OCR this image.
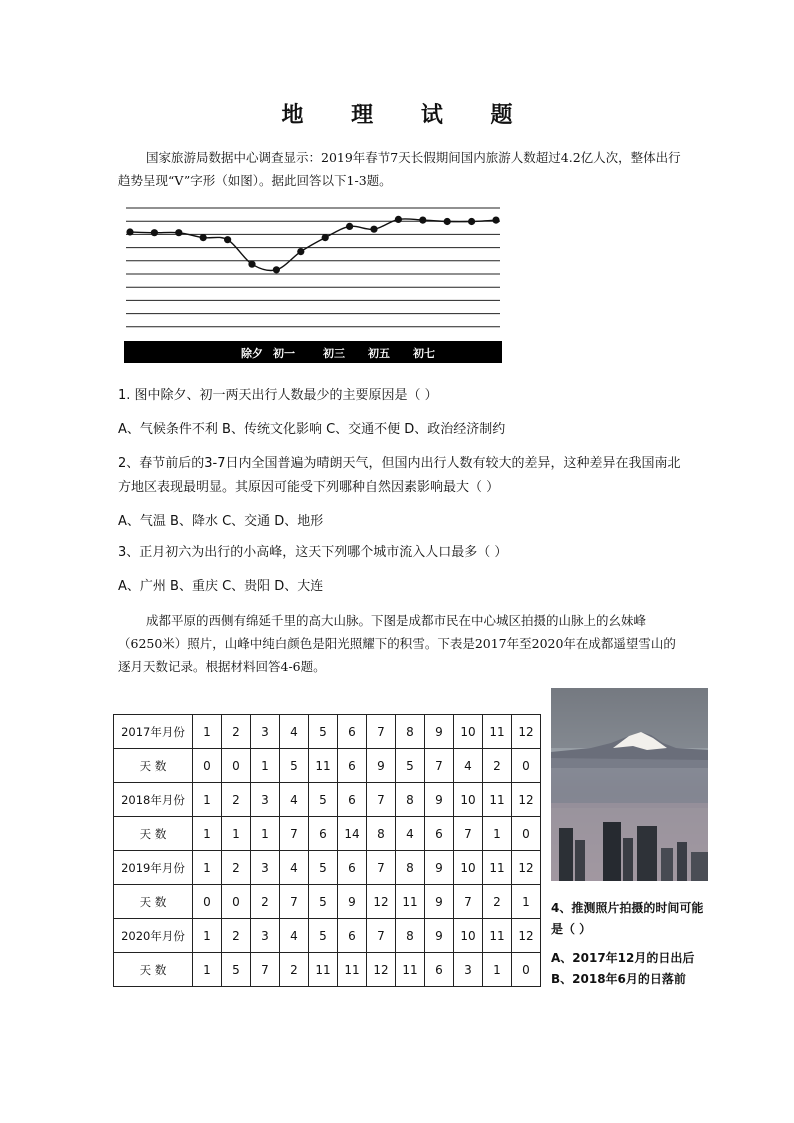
地 理 试 题
国家旅游局数据中心调查显示：2019年春节7天长假期间国内旅游人数超过4.2亿人次，整体出行趋势呈现“V”字形（如图）。据此回答以下1-3题。
除夕 初一	初三 初五 初七
1. 图中除夕、初一两天出行人数最少的主要原因是（ ）
A、气候条件不利 B、传统文化影响 C、交通不便 D、政治经济制约
2、春节前后的3-7日内全国普遍为晴朗天气，但国内出行人数有较大的差异，这种差异在我国南北方地区表现最明显。其原因可能受下列哪种自然因素影响最大（ ）
A、气温 B、降水 C、交通 D、地形
3、正月初六为出行的小高峰，这天下列哪个城市流入人口最多（ ）
A、广州 B、重庆 C、贵阳 D、大连
成都平原的西侧有绵延千里的高大山脉。下图是成都市民在中心城区拍摄的山脉上的幺妹峰（6250米）照片，山峰中纯白颜色是阳光照耀下的积雪。下表是2017年至2020年在成都遥望雪山的逐月天数记录。根据材料回答4-6题。
2017年月份	1	2	3	4	5	6	7	8	9	10	11	12
天 数	0	0	1	5	11	6	9	5	7	4	2	0
2018年月份	1	2	3	4	5	6	7	8	9	10	11	12
天 数	1	1	1	7	6	14	8	4	6	7	1	0
2019年月份	1	2	3	4	5	6	7	8	9	10	11	12
天 数	0	0	2	7	5	9	12	11	9	7	2	1
2020年月份	1	2	3	4	5	6	7	8	9	10	11	12
天 数	1	5	7	2	11	11	12	11	6	3	1	0
4、推测照片拍摄的时间可能是（ ）
A、2017年12月的日出后 B、2018年6月的日落前
